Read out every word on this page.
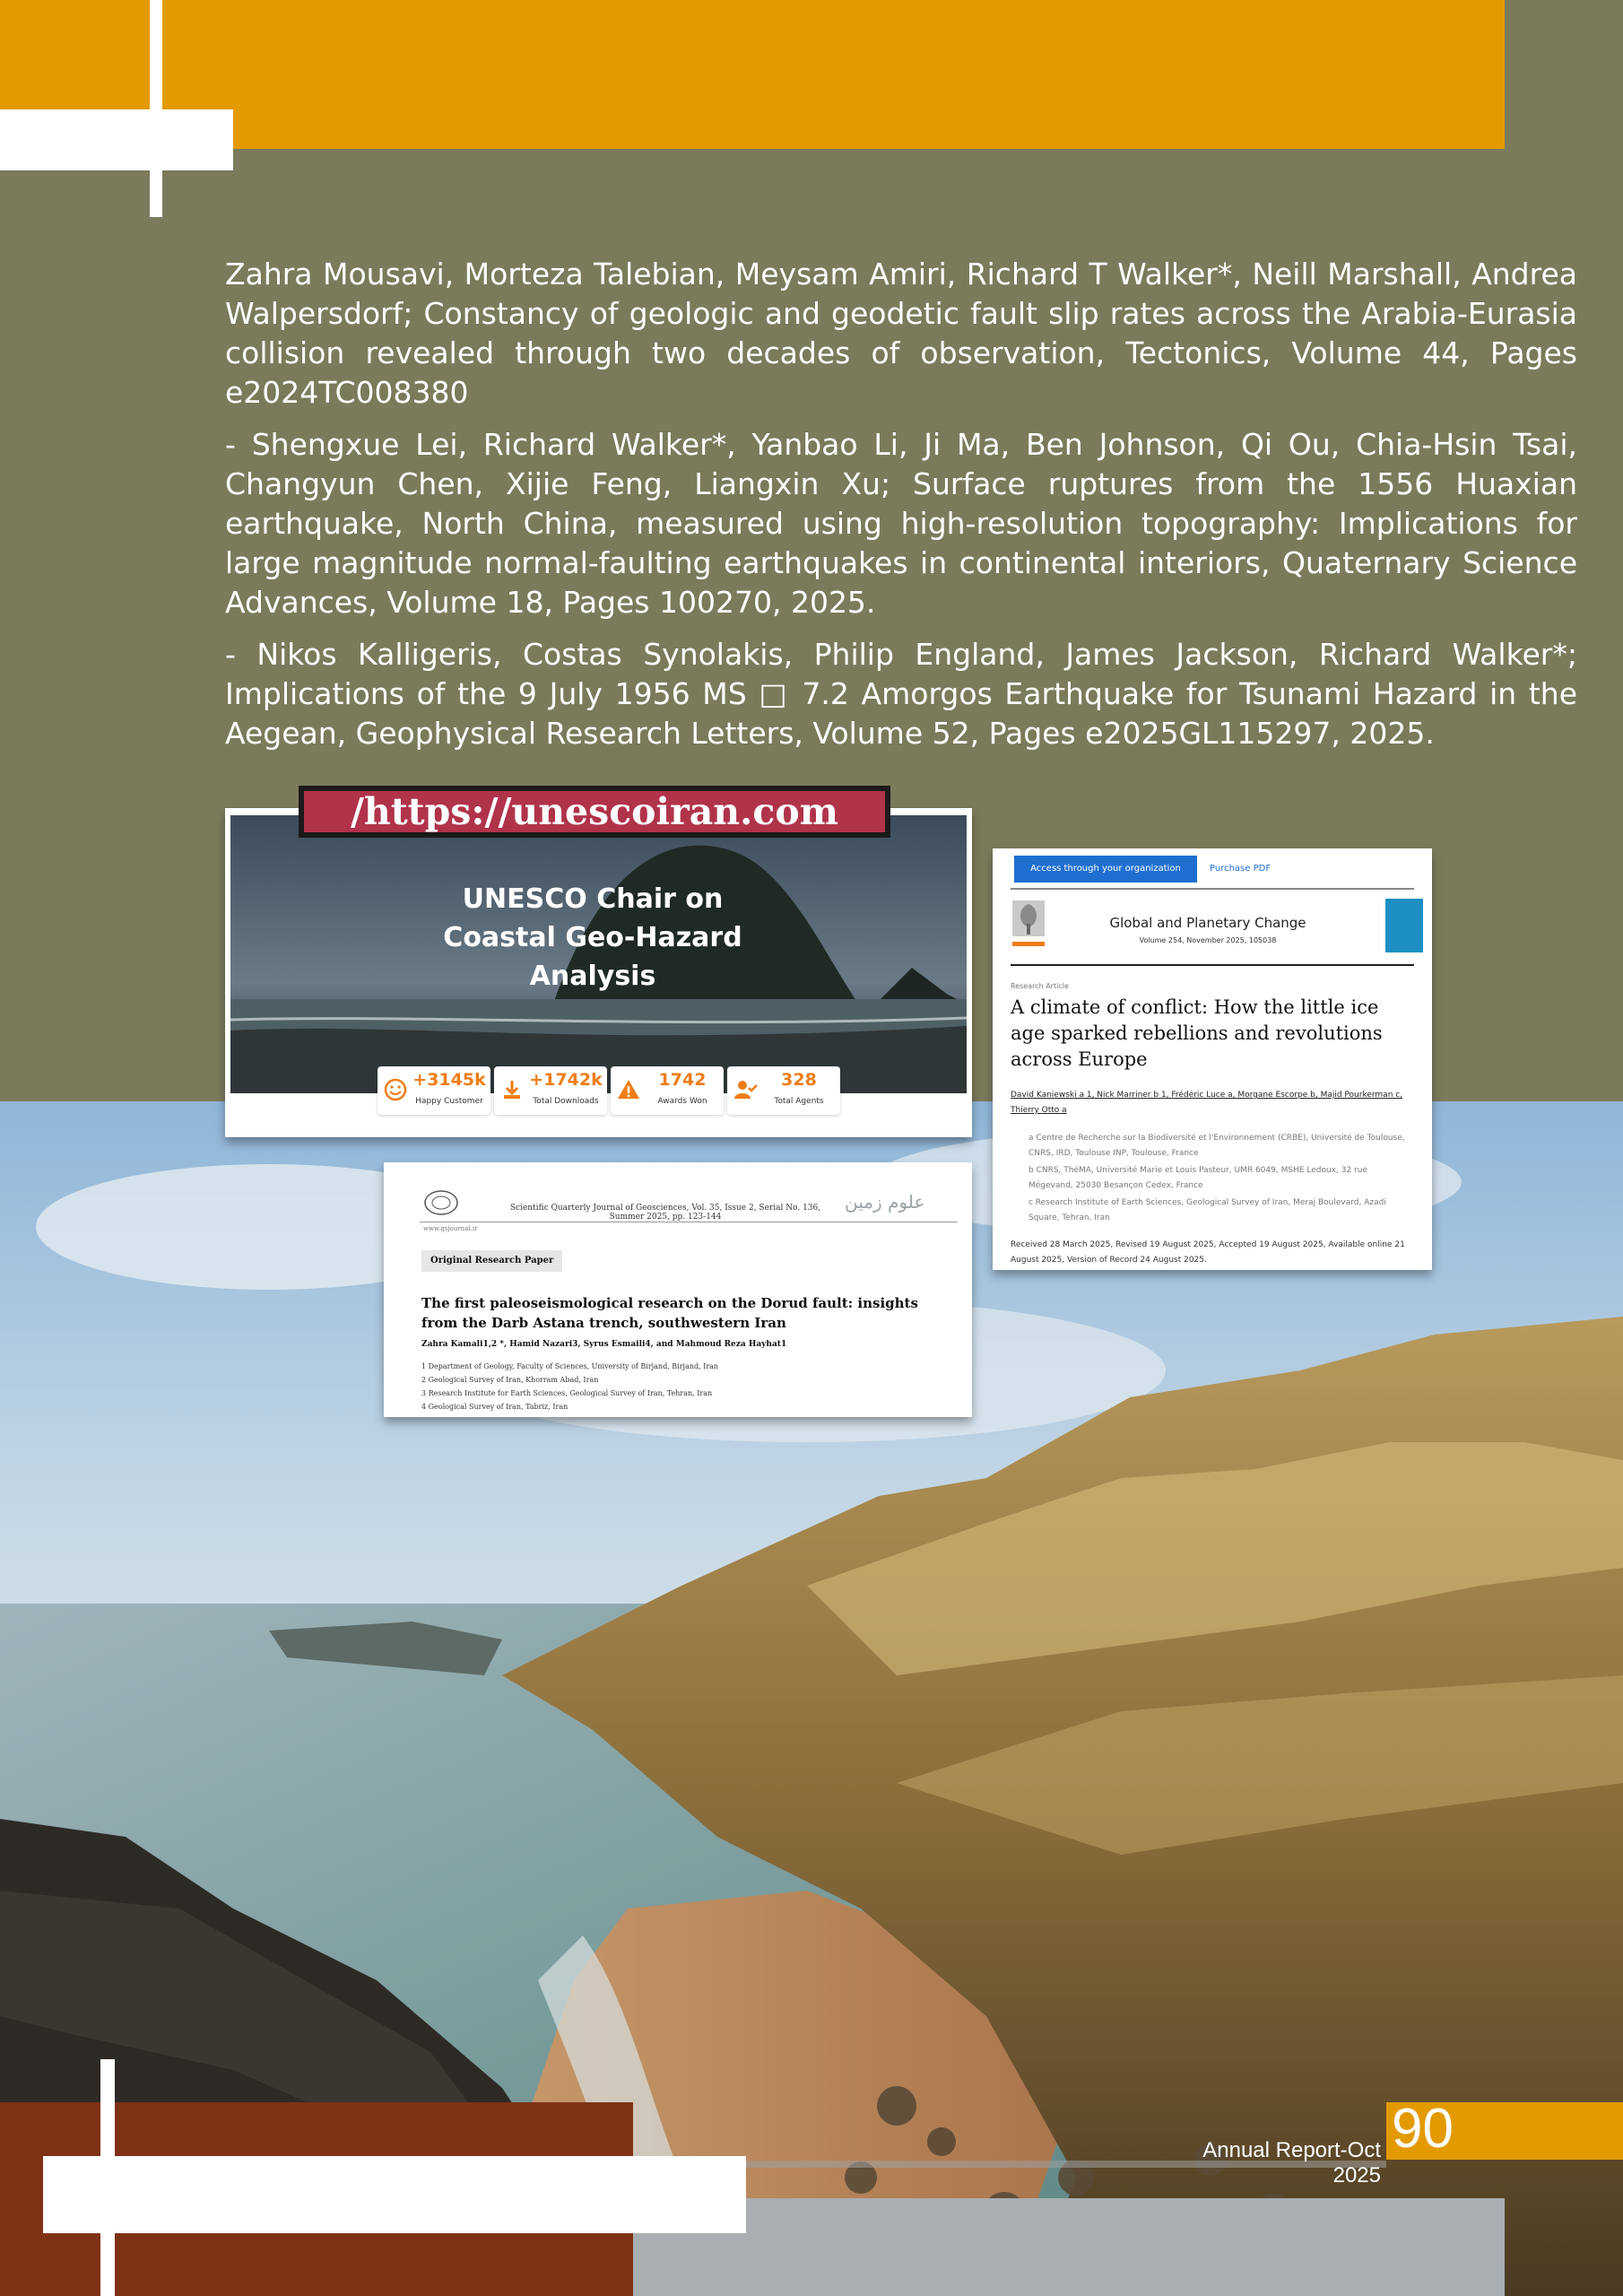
Zahra Mousavi, Morteza Talebian, Meysam Amiri, Richard T Walker*, Neill Marshall, Andrea Walpersdorf; Constancy of geologic and geodetic fault slip rates across the Arabia-Eurasia collision revealed through two decades of observation, Tectonics, Volume 44, Pages e2024TC008380

- Shengxue Lei, Richard Walker*, Yanbao Li, Ji Ma, Ben Johnson, Qi Ou, Chia-Hsin Tsai, Changyun Chen, Xijie Feng, Liangxin Xu; Surface ruptures from the 1556 Huaxian earthquake, North China, measured using high-resolution topography: Implications for large magnitude normal-faulting earthquakes in continental interiors, Quaternary Science Advances, Volume 18, Pages 100270, 2025.

- Nikos Kalligeris, Costas Synolakis, Philip England, James Jackson, Richard Walker*; Implications of the 9 July 1956 MS □ 7.2 Amorgos Earthquake for Tsunami Hazard in the Aegean, Geophysical Research Letters, Volume 52, Pages e2025GL115297, 2025.

UNESCO Chair on Coastal Geo-Hazard Analysis
+3145k
Happy Customer
+1742k
Total Downloads
1742
Awards Won
328
Total Agents
/https://unescoiran.com
Access through your organization	Purchase PDF
Global and Planetary Change
Volume 254, November 2025, 105038
Research Article
A climate of conflict: How the little ice age sparked rebellions and revolutions across Europe
David Kaniewski a 1, Nick Marriner b 1, Frédéric Luce a, Morgane Escorpe b, Majid Pourkerman c, Thierry Otto a
a Centre de Recherche sur la Biodiversité et l'Environnement (CRBE), Université de Toulouse, CNRS, IRD, Toulouse INP, Toulouse, France
b CNRS, ThéMA, Université Marie et Louis Pasteur, UMR 6049, MSHE Ledoux, 32 rue Mégevand, 25030 Besançon Cedex, France
c Research Institute of Earth Sciences, Geological Survey of Iran, Meraj Boulevard, Azadi Square, Tehran, Iran
Received 28 March 2025, Revised 19 August 2025, Accepted 19 August 2025, Available online 21 August 2025, Version of Record 24 August 2025.
Scientific Quarterly Journal of Geosciences, Vol. 35, Issue 2, Serial No. 136, Summer 2025, pp. 123-144
علوم زمین
www.gsjournal.ir
Original Research Paper
The first paleoseismological research on the Dorud fault: insights from the Darb Astana trench, southwestern Iran
Zahra Kamali1,2 *, Hamid Nazari3, Syrus Esmaili4, and Mahmoud Reza Hayhat1
1 Department of Geology, Faculty of Sciences, University of Birjand, Birjand, Iran
2 Geological Survey of Iran, Khorram Abad, Iran
3 Research Institute for Earth Sciences, Geological Survey of Iran, Tehran, Iran
4 Geological Survey of Iran, Tabriz, Iran
90
Annual Report-Oct 2025
